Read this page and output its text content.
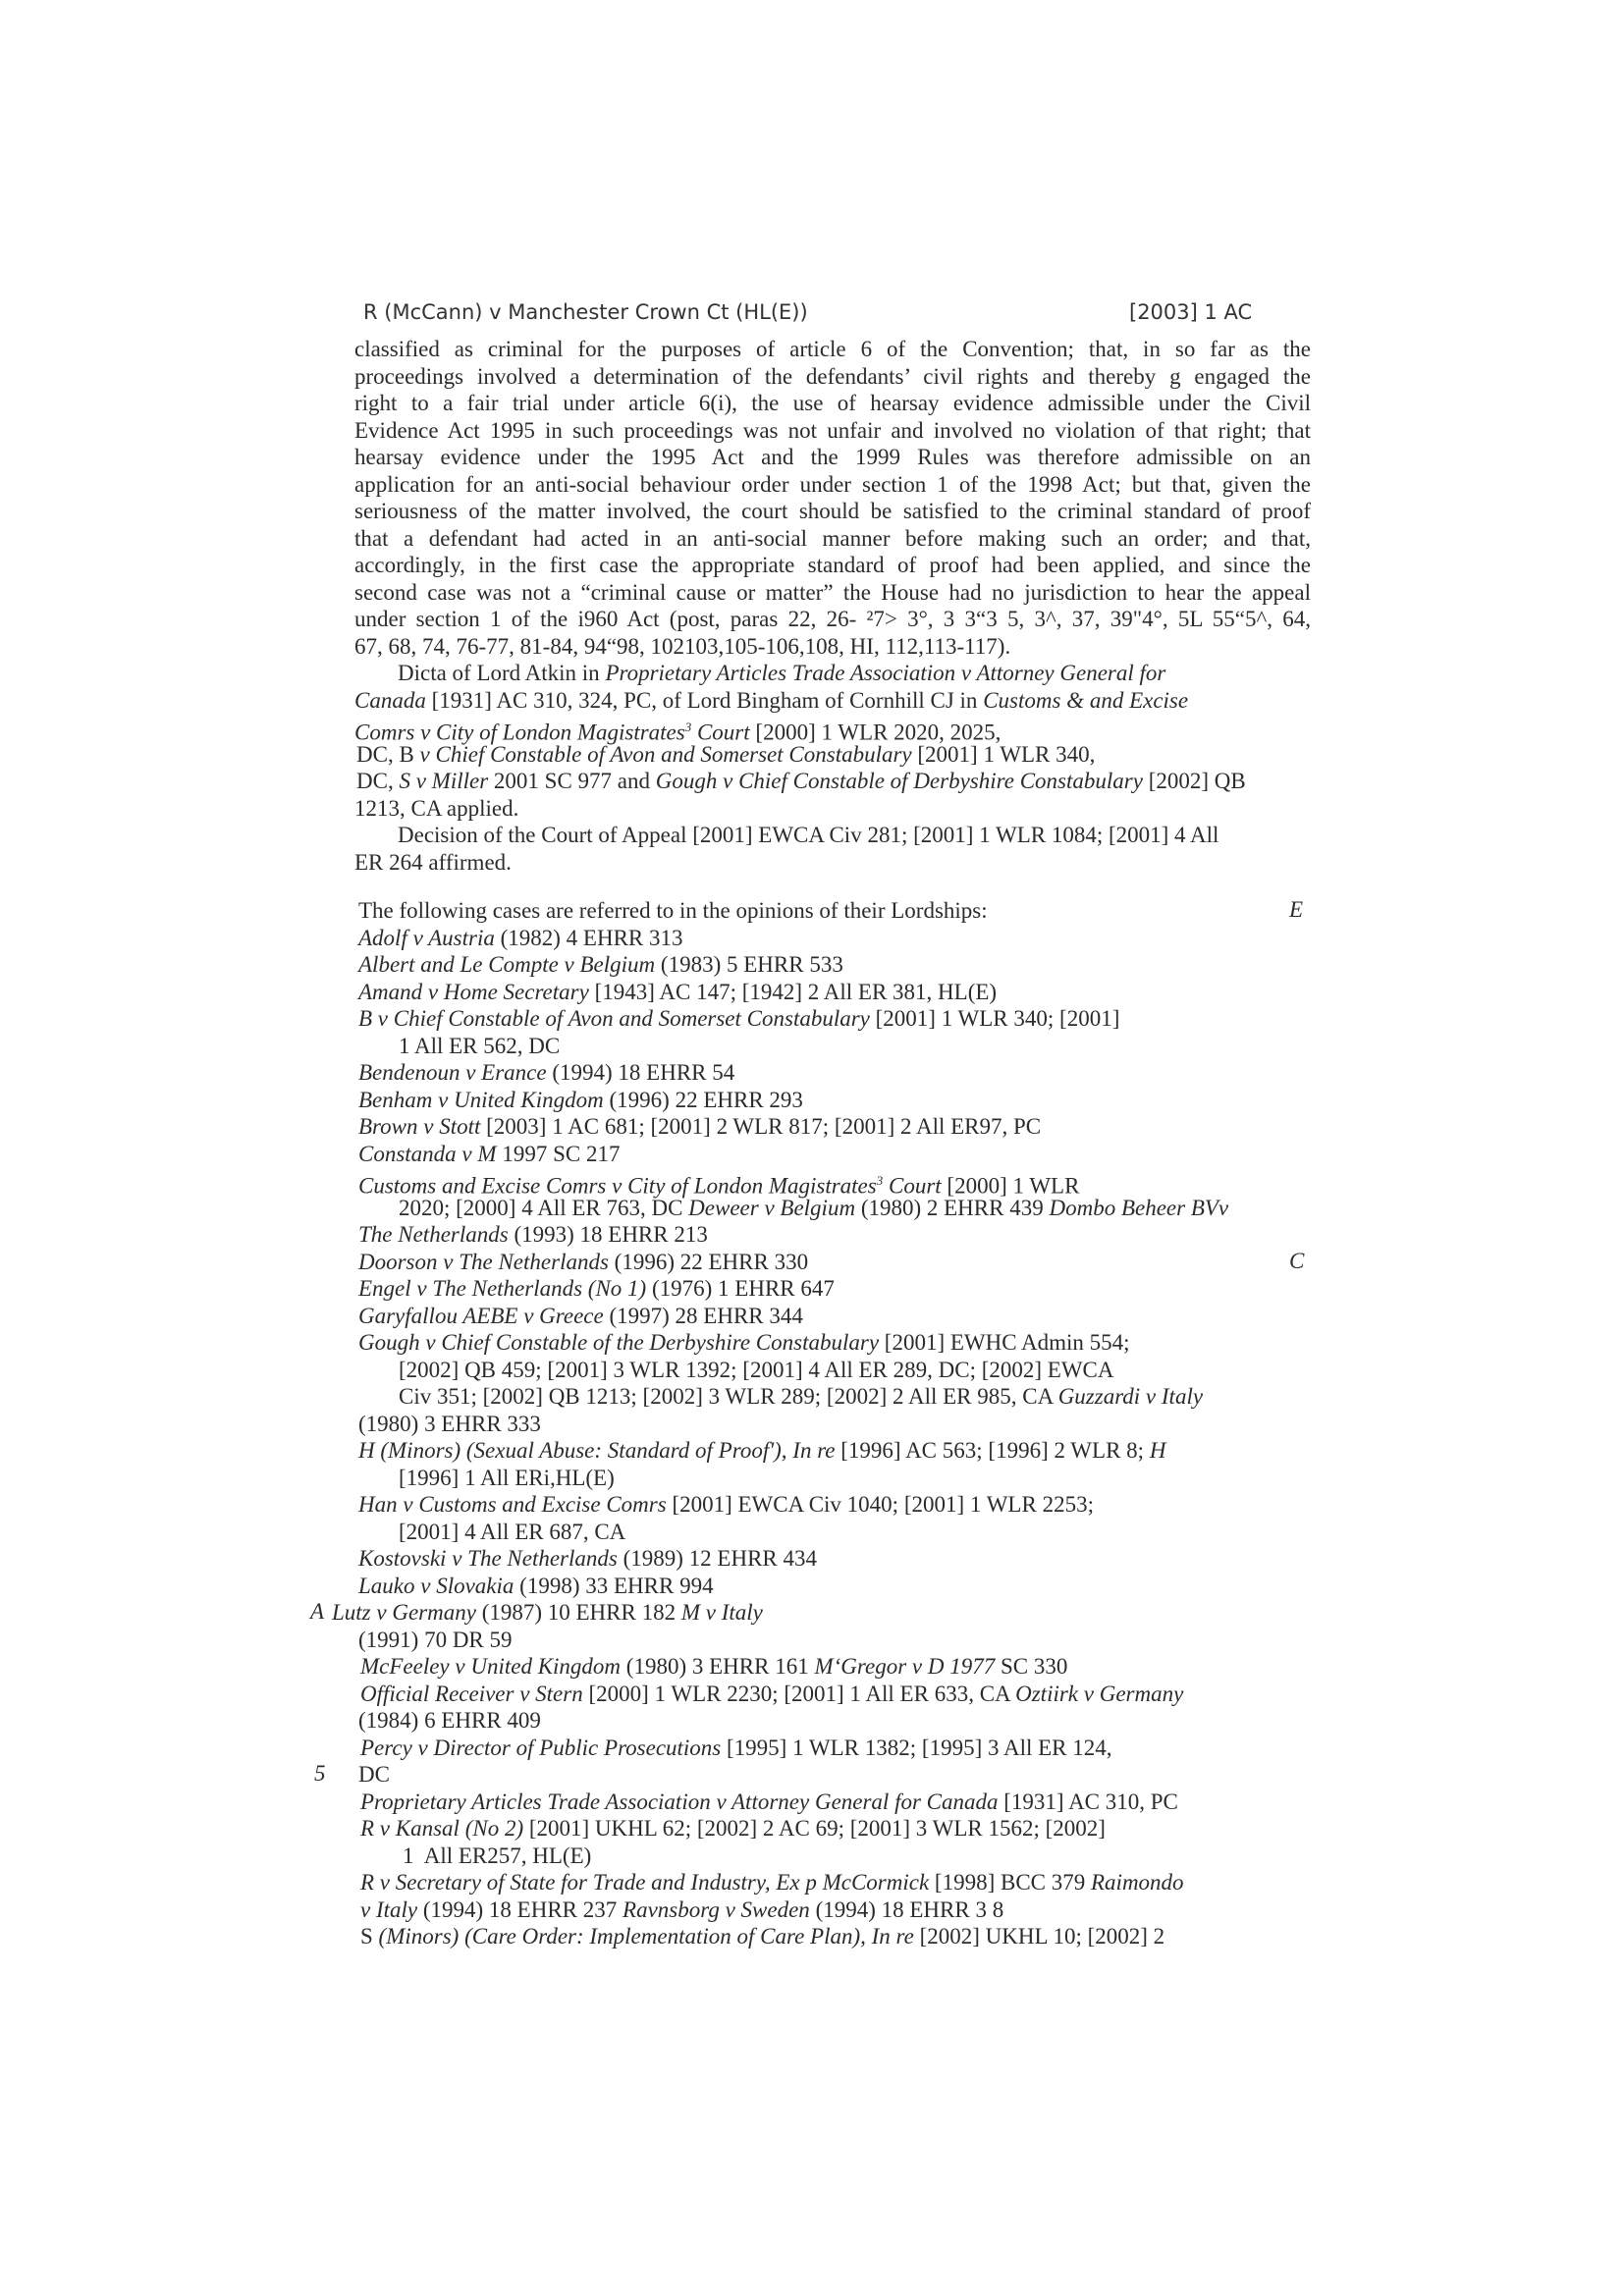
R (McCann) v Manchester Crown Ct (HL(E))	[2003] 1 AC
classified as criminal for the purposes of article 6 of the Convention; that, in so far as the
proceedings involved a determination of the defendants’ civil rights and thereby g engaged the
right to a fair trial under article 6(i), the use of hearsay evidence admissible under the Civil
Evidence Act 1995 in such proceedings was not unfair and involved no violation of that right; that
hearsay evidence under the 1995 Act and the 1999 Rules was therefore admissible on an
application for an anti-social behaviour order under section 1 of the 1998 Act; but that, given the
seriousness of the matter involved, the court should be satisfied to the criminal standard of proof
that a defendant had acted in an anti-social manner before making such an order; and that,
accordingly, in the first case the appropriate standard of proof had been applied, and since the
second case was not a “criminal cause or matter” the House had no jurisdiction to hear the appeal
under section 1 of the i960 Act (post, paras 22, 26- ²7> 3°, 3 3“3 5, 3^, 37, 39"4°, 5L 55“5^, 64,
67, 68, 74, 76-77, 81-84, 94“98, 102103,105-106,108, HI, 112,113-117).
Dicta of Lord Atkin in Proprietary Articles Trade Association v Attorney General for
Canada [1931] AC 310, 324, PC, of Lord Bingham of Cornhill CJ in Customs & and Excise
Comrs v City of London Magistrates$^3$ Court [2000] 1 WLR 2020, 2025,
DC, B v Chief Constable of Avon and Somerset Constabulary [2001] 1 WLR 340,
DC, S v Miller 2001 SC 977 and Gough v Chief Constable of Derbyshire Constabulary [2002] QB
1213, CA applied.
Decision of the Court of Appeal [2001] EWCA Civ 281; [2001] 1 WLR 1084; [2001] 4 All
ER 264 affirmed.
The following cases are referred to in the opinions of their Lordships:	E
Adolf v Austria (1982) 4 EHRR 313
Albert and Le Compte v Belgium (1983) 5 EHRR 533
Amand v Home Secretary [1943] AC 147; [1942] 2 All ER 381, HL(E)
B v Chief Constable of Avon and Somerset Constabulary [2001] 1 WLR 340; [2001]
1 All ER 562, DC
Bendenoun v Erance (1994) 18 EHRR 54
Benham v United Kingdom (1996) 22 EHRR 293
Brown v Stott [2003] 1 AC 681; [2001] 2 WLR 817; [2001] 2 All ER97, PC
Constanda v M 1997 SC 217
Customs and Excise Comrs v City of London Magistrates$^3$ Court [2000] 1 WLR
2020; [2000] 4 All ER 763, DC Deweer v Belgium (1980) 2 EHRR 439 Dombo Beheer BVv
The Netherlands (1993) 18 EHRR 213
Doorson v The Netherlands (1996) 22 EHRR 330
Engel v The Netherlands (No 1) (1976) 1 EHRR 647
Garyfallou AEBE v Greece (1997) 28 EHRR 344
Gough v Chief Constable of the Derbyshire Constabulary [2001] EWHC Admin 554;
[2002] QB 459; [2001] 3 WLR 1392; [2001] 4 All ER 289, DC; [2002] EWCA
Civ 351; [2002] QB 1213; [2002] 3 WLR 289; [2002] 2 All ER 985, CA Guzzardi v Italy
(1980) 3 EHRR 333
H (Minors) (Sexual Abuse: Standard of Proof'), In re [1996] AC 563; [1996] 2 WLR 8; H
[1996] 1 All ERi,HL(E)
Han v Customs and Excise Comrs [2001] EWCA Civ 1040; [2001] 1 WLR 2253;
[2001] 4 All ER 687, CA
Kostovski v The Netherlands (1989) 12 EHRR 434
Lauko v Slovakia (1998) 33 EHRR 994
Lutz v Germany (1987) 10 EHRR 182 M v Italy
(1991) 70 DR 59
McFeeley v United Kingdom (1980) 3 EHRR 161 M‘Gregor v D 1977 SC 330
Official Receiver v Stern [2000] 1 WLR 2230; [2001] 1 All ER 633, CA Oztiirk v Germany
(1984) 6 EHRR 409
Percy v Director of Public Prosecutions [1995] 1 WLR 1382; [1995] 3 All ER 124,
DC
Proprietary Articles Trade Association v Attorney General for Canada [1931] AC 310, PC
R v Kansal (No 2) [2001] UKHL 62; [2002] 2 AC 69; [2001] 3 WLR 1562; [2002]
1  All ER257, HL(E)
R v Secretary of State for Trade and Industry, Ex p McCormick [1998] BCC 379 Raimondo
v Italy (1994) 18 EHRR 237 Ravnsborg v Sweden (1994) 18 EHRR 3 8
S (Minors) (Care Order: Implementation of Care Plan), In re [2002] UKHL 10; [2002] 2
C
A
5
